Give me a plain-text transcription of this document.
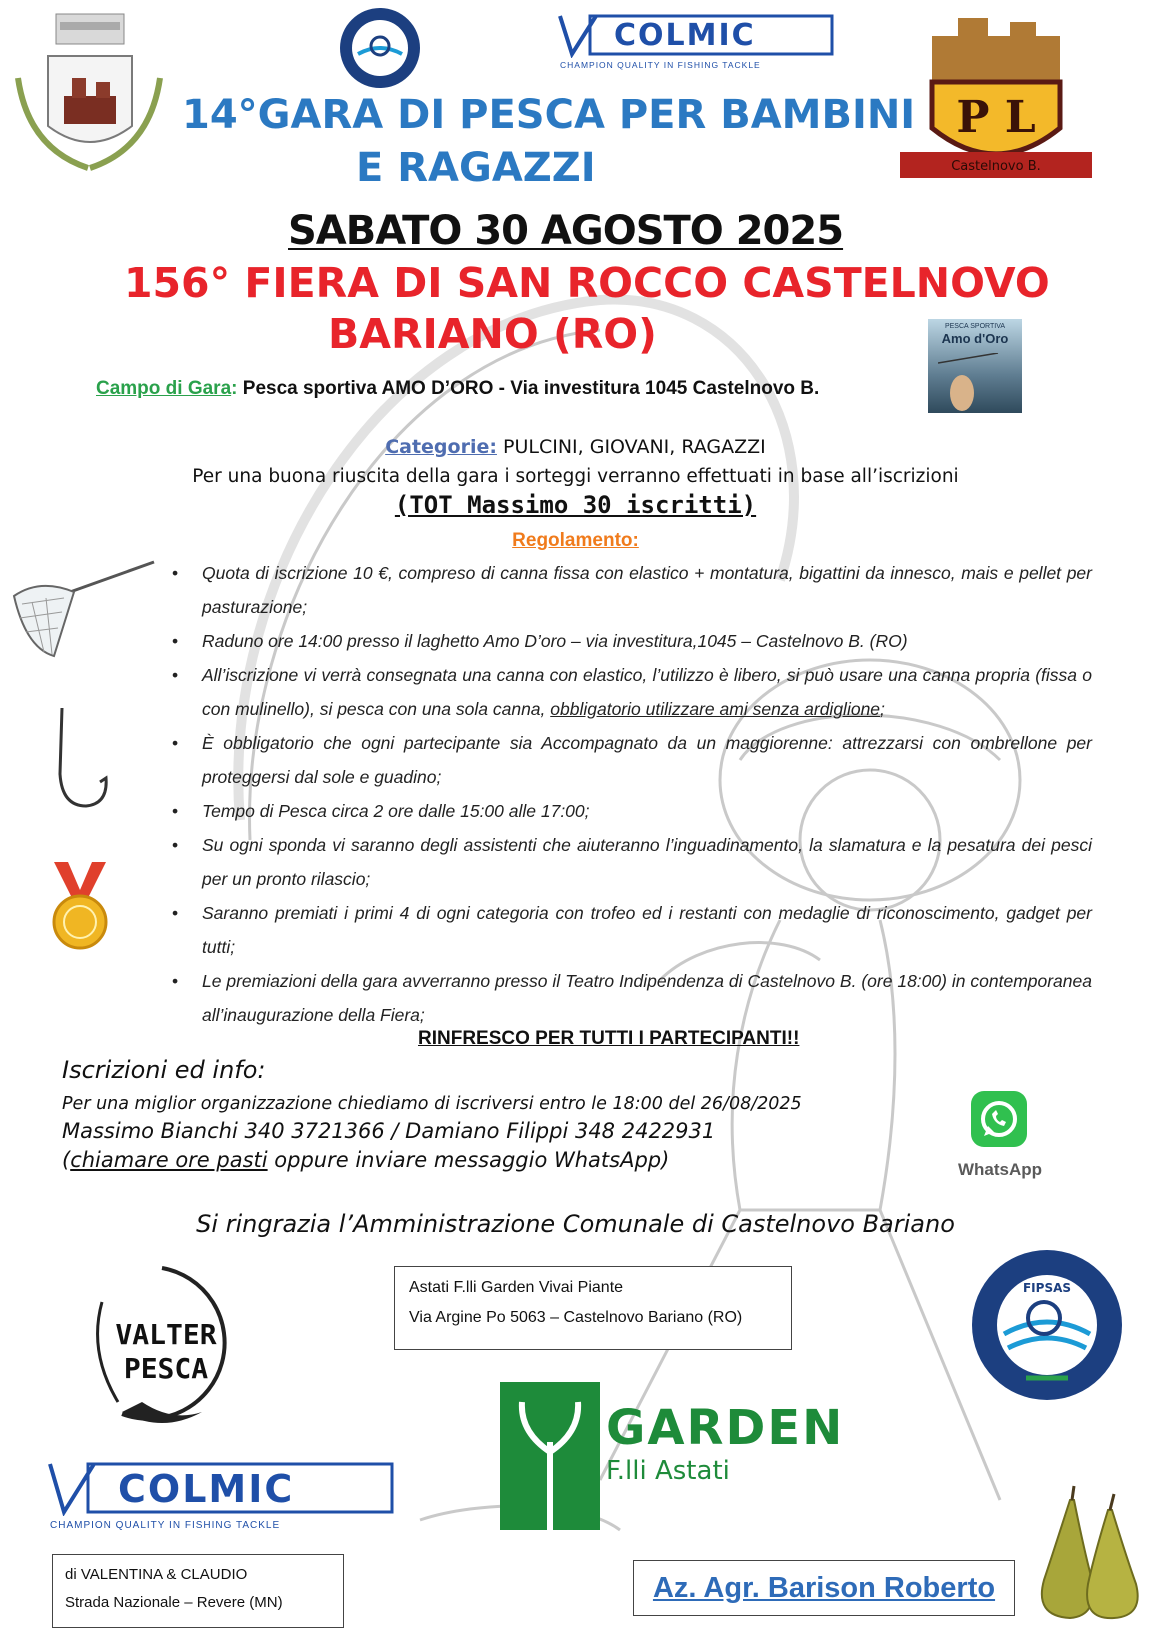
COLMIC
CHAMPION QUALITY IN FISHING TACKLE
P L
Castelnovo B.
14°GARA DI PESCA PER BAMBINI
E RAGAZZI
SABATO 30 AGOSTO 2025
156° FIERA DI SAN ROCCO CASTELNOVO
BARIANO (RO)	PESCA SPORTIVA
Amo d'Oro
Campo di Gara: Pesca sportiva AMO D’ORO - Via investitura 1045 Castelnovo B.
Categorie: PULCINI, GIOVANI, RAGAZZI
Per una buona riuscita della gara i sorteggi verranno effettuati in base all’iscrizioni
(TOT Massimo 30 iscritti)
Regolamento:
• Quota di iscrizione 10 €, compreso di canna fissa con elastico + montatura, bigattini da innesco, mais e pellet per pasturazione;
• Raduno ore 14:00 presso il laghetto Amo D’oro – via investitura,1045 – Castelnovo B. (RO)
• All’iscrizione vi verrà consegnata una canna con elastico, l’utilizzo è libero, si può usare una canna propria (fissa o con mulinello), si pesca con una sola canna, obbligatorio utilizzare ami senza ardiglione;
• È obbligatorio che ogni partecipante sia Accompagnato da un maggiorenne: attrezzarsi con ombrellone per proteggersi dal sole e guadino;
• Tempo di Pesca circa 2 ore dalle 15:00 alle 17:00;
• Su ogni sponda vi saranno degli assistenti che aiuteranno l’inguadinamento, la slamatura e la pesatura dei pesci per un pronto rilascio;
• Saranno premiati i primi 4 di ogni categoria con trofeo ed i restanti con medaglie di riconoscimento, gadget per tutti;
• Le premiazioni della gara avverranno presso il Teatro Indipendenza di Castelnovo B. (ore 18:00) in contemporanea all’inaugurazione della Fiera;
RINFRESCO PER TUTTI I PARTECIPANTI!!
Iscrizioni ed info:
Per una miglior organizzazione chiediamo di iscriversi entro le 18:00 del 26/08/2025
Massimo Bianchi 340 3721366 / Damiano Filippi 348 2422931
(chiamare ore pasti oppure inviare messaggio WhatsApp)	WhatsApp
Si ringrazia l’Amministrazione Comunale di Castelnovo Bariano
VALTER
PESCA
Astati F.lli Garden Vivai Piante
Via Argine Po 5063 – Castelnovo Bariano (RO)
FIPSAS
GARDEN
F.lli Astati
COLMIC
CHAMPION QUALITY IN FISHING TACKLE
di VALENTINA & CLAUDIO
Strada Nazionale – Revere (MN)	Az. Agr. Barison Roberto
